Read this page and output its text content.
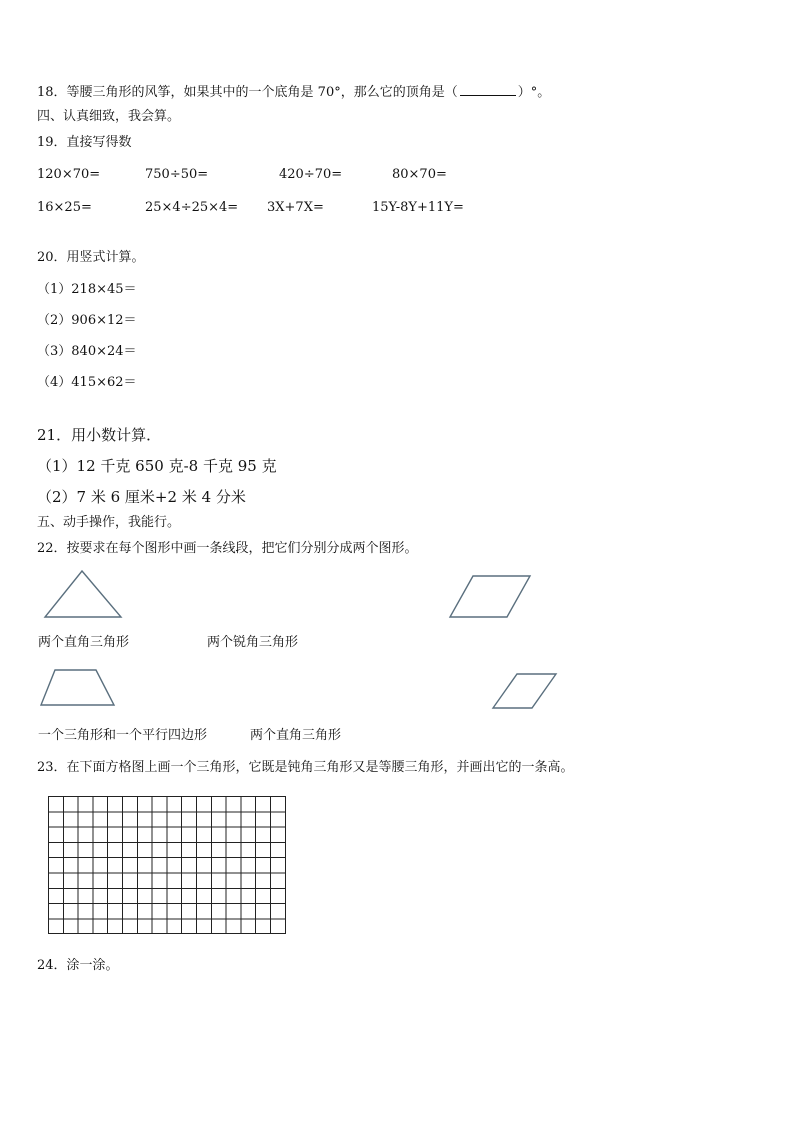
18．等腰三角形的风筝，如果其中的一个底角是 70°，那么它的顶角是（	）°。
四、认真细致，我会算。
19．直接写得数
120×70=	750÷50=	420÷70=	80×70=
16×25=	25×4÷25×4= 3X+7X=	15Y-8Y+11Y=
20．用竖式计算。
（1）218×45＝
（2）906×12＝
（3）840×24＝
（4）415×62＝
21．用小数计算．
（1）12 千克 650 克-8 千克 95 克
（2）7 米 6 厘米+2 米 4 分米
五、动手操作，我能行。
22．按要求在每个图形中画一条线段，把它们分别分成两个图形。
两个直角三角形	两个锐角三角形
一个三角形和一个平行四边形	两个直角三角形
23．在下面方格图上画一个三角形，它既是钝角三角形又是等腰三角形，并画出它的一条高。
24．涂一涂。
